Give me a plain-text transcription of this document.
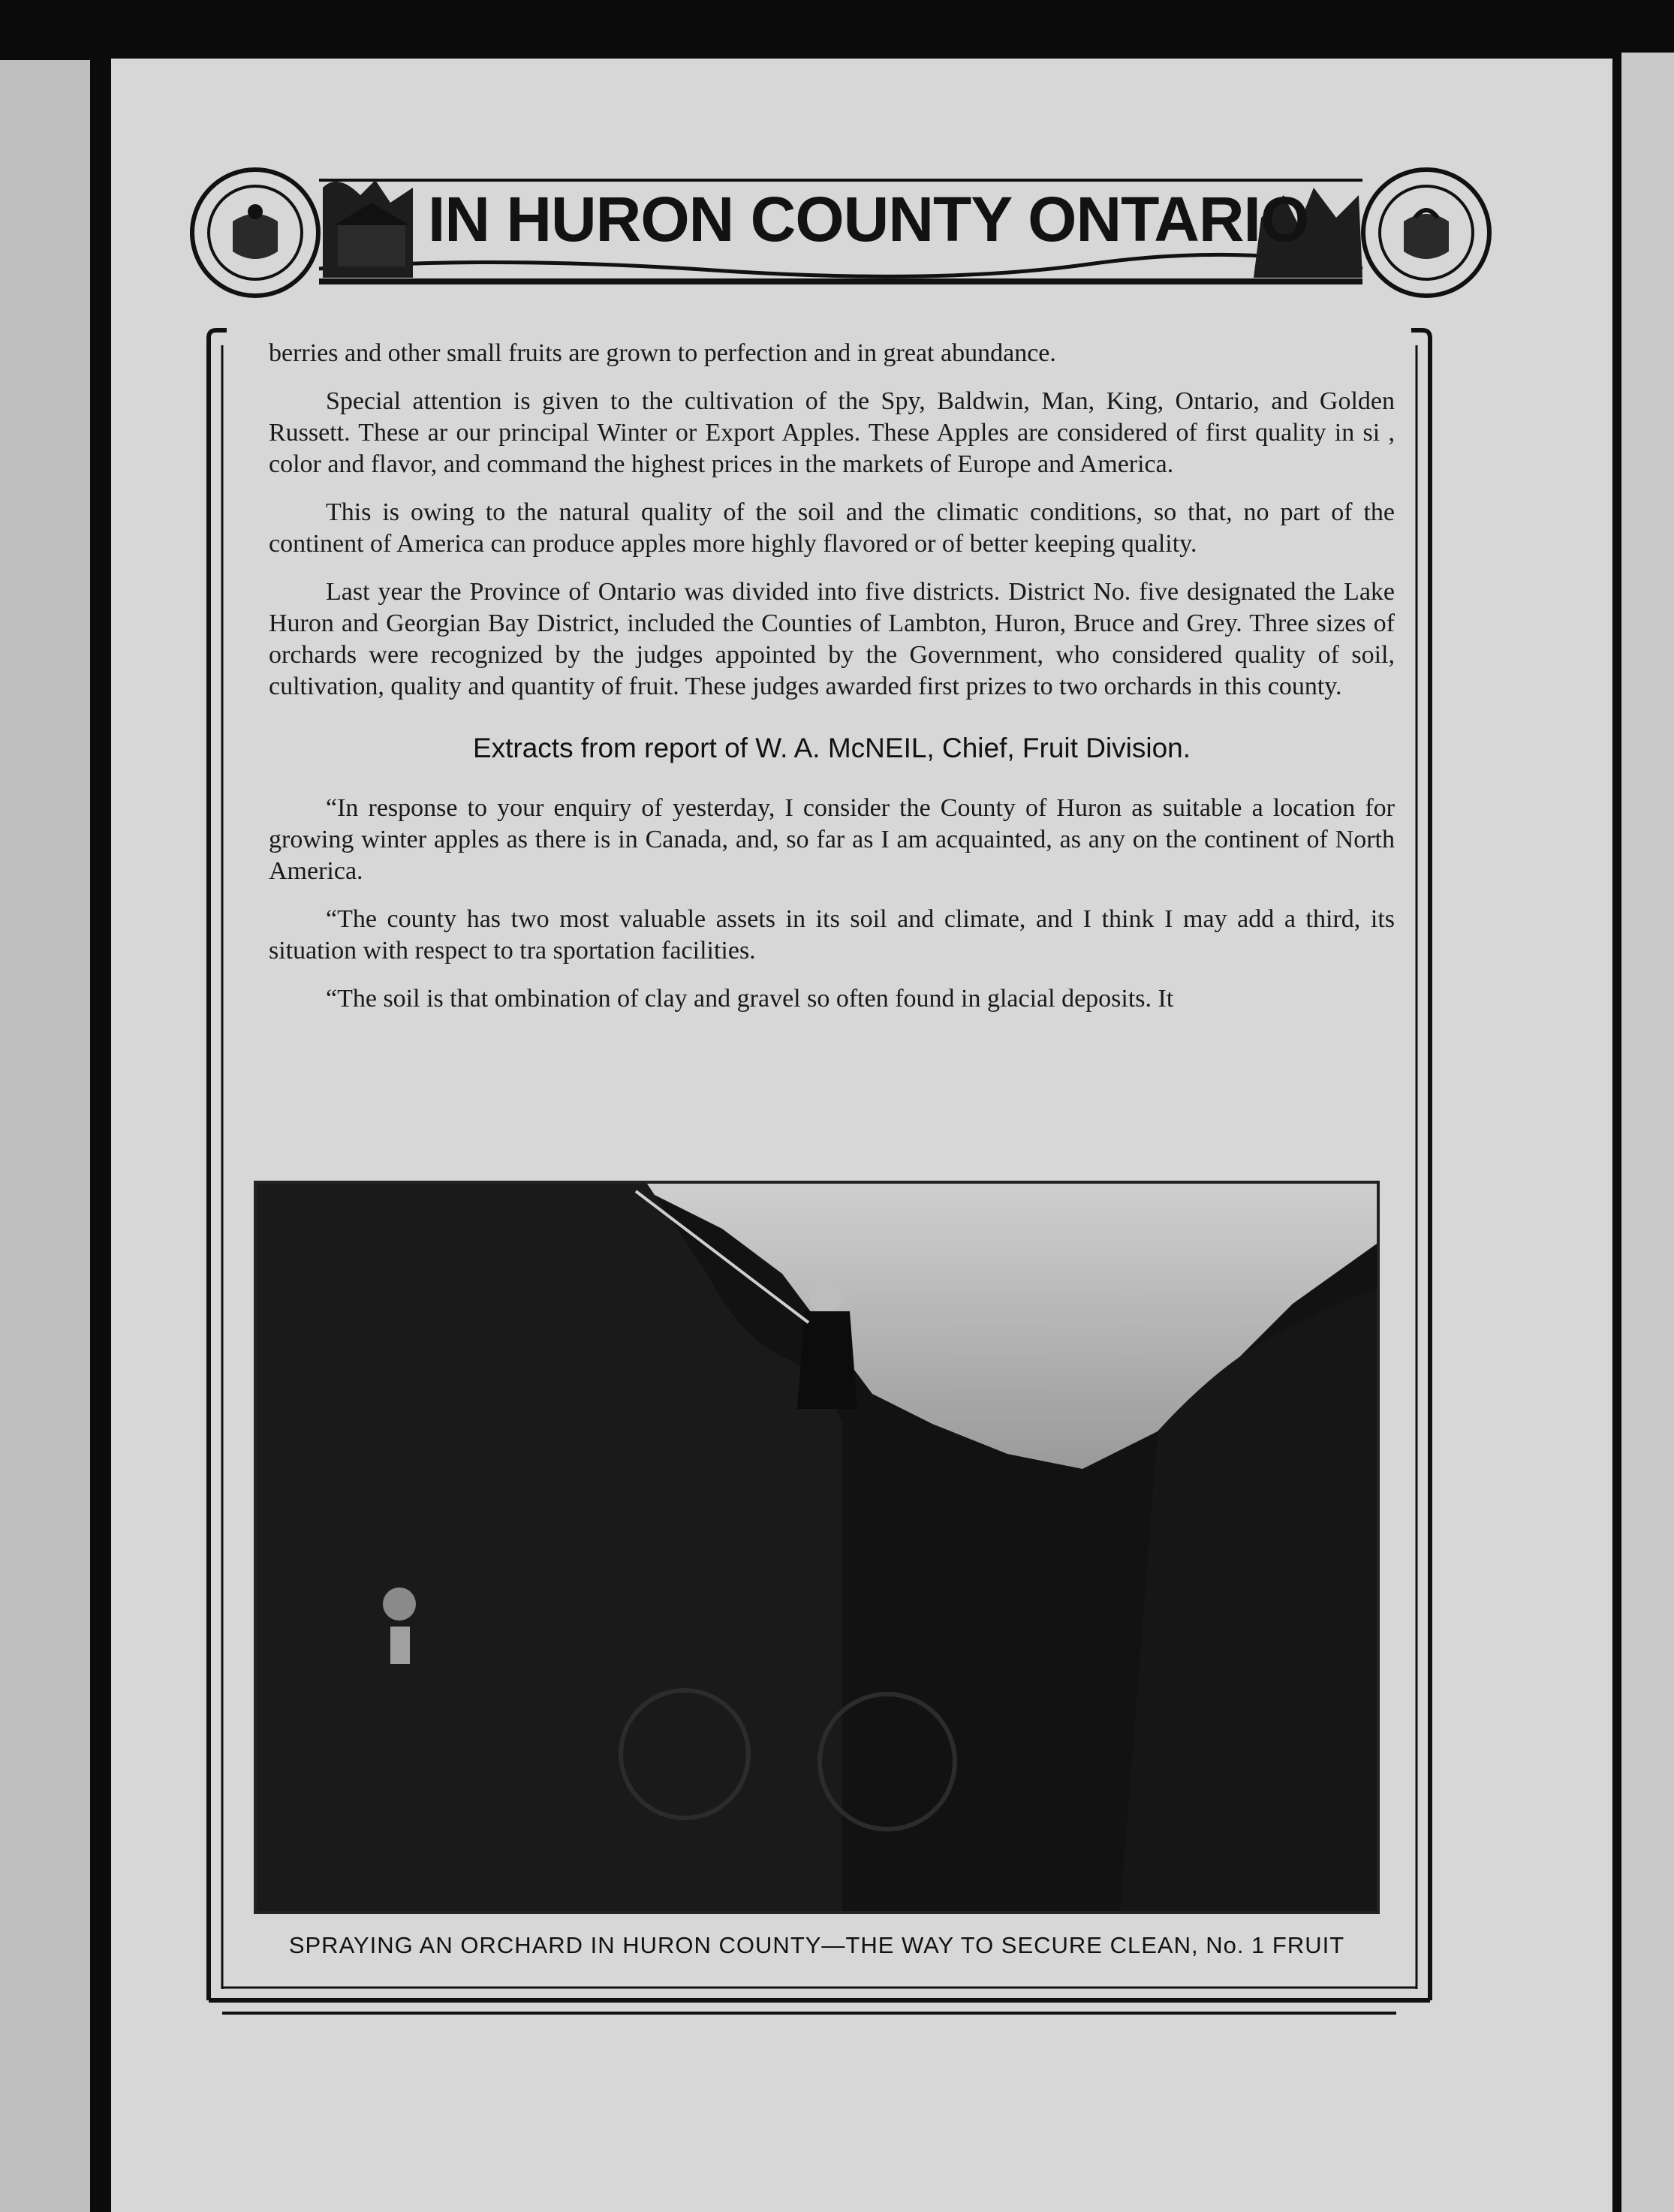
IN HURON COUNTY ONTARIO

berries and other small fruits are grown to perfection and in great abundance.

Special attention is given to the cultivation of the Spy, Baldwin, Man, King, Ontario, and Golden Russett. These ar our principal Winter or Export Apples. These Apples are considered of first quality in si , color and flavor, and command the highest prices in the markets of Europe and America.

This is owing to the natural quality of the soil and the climatic conditions, so that, no part of the continent of America can produce apples more highly flavored or of better keeping quality.

Last year the Province of Ontario was divided into five districts. District No. five designated the Lake Huron and Georgian Bay District, included the Counties of Lambton, Huron, Bruce and Grey. Three sizes of orchards were recognized by the judges appointed by the Government, who considered quality of soil, cultivation, quality and quantity of fruit. These judges awarded first prizes to two orchards in this county.

Extracts from report of W. A. McNEIL, Chief, Fruit Division.

“In response to your enquiry of yesterday, I consider the County of Huron as suitable a location for growing winter apples as there is in Canada, and, so far as I am acquainted, as any on the continent of North America.

“The county has two most valuable assets in its soil and climate, and I think I may add a third, its situation with respect to tra sportation facilities.

“The soil is that ombination of clay and gravel so often found in glacial deposits. It

SPRAYING AN ORCHARD IN HURON COUNTY—THE WAY TO SECURE CLEAN, No. 1 FRUIT
